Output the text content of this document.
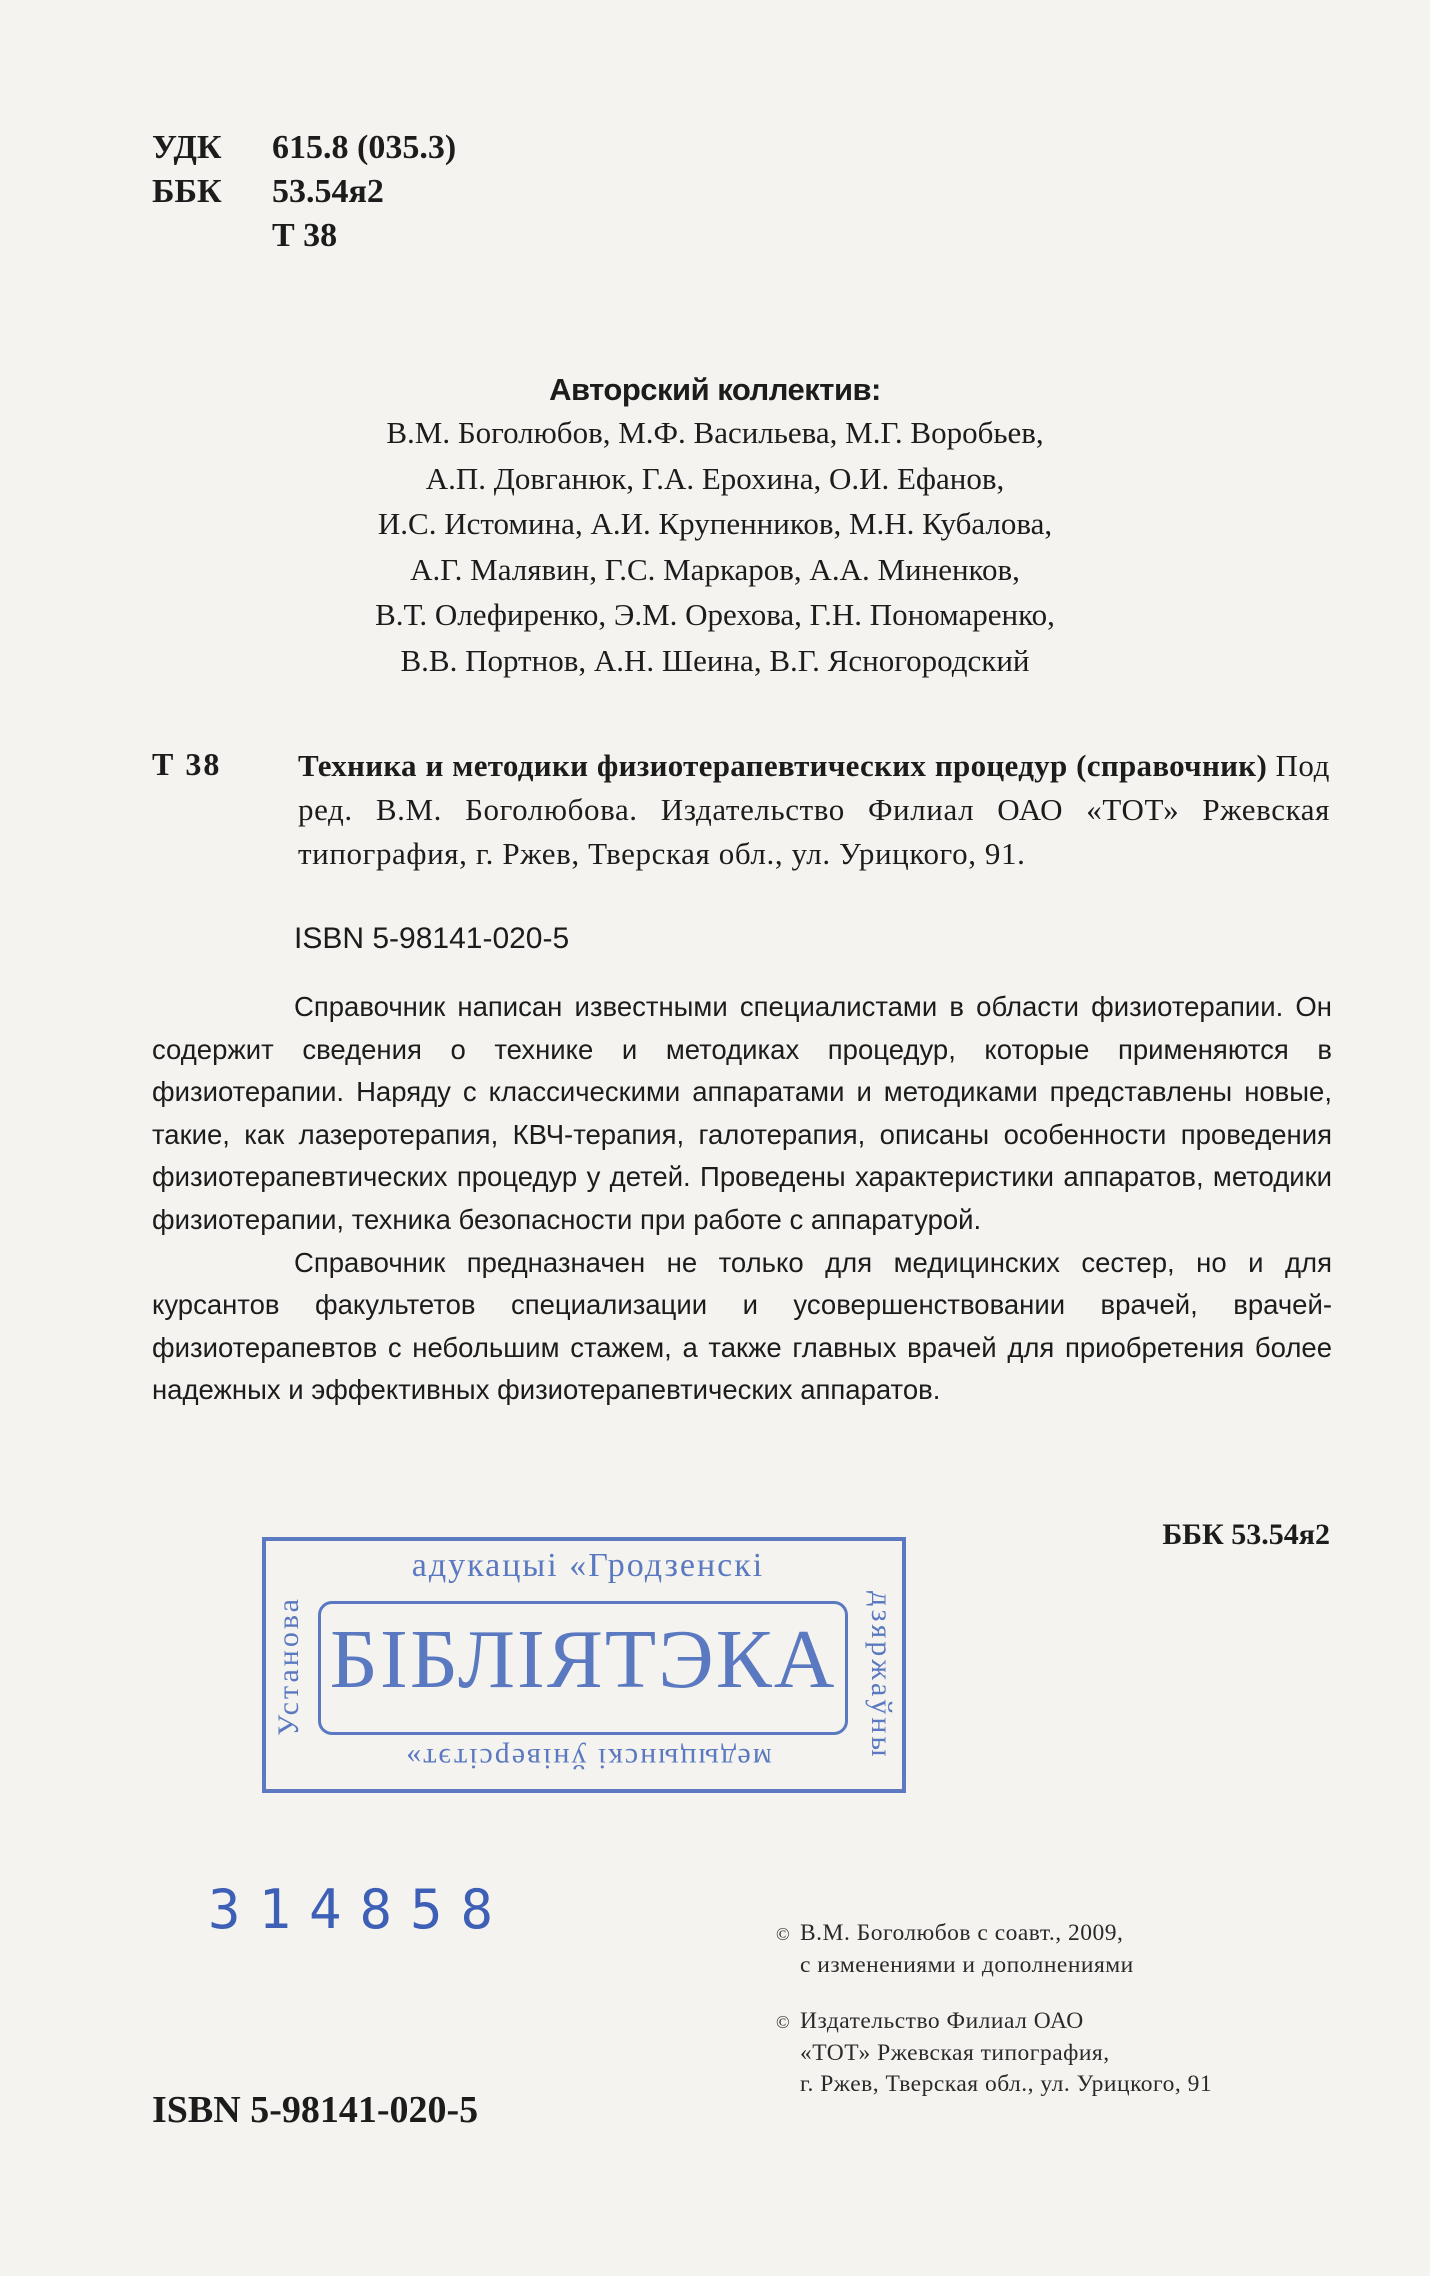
УДК 615.8 (035.3)
ББК 53.54я2
Т 38
Авторский коллектив:
В.М. Боголюбов, М.Ф. Васильева, М.Г. Воробьев,
А.П. Довганюк, Г.А. Ерохина, О.И. Ефанов,
И.С. Истомина, А.И. Крупенников, М.Н. Кубалова,
А.Г. Малявин, Г.С. Маркаров, А.А. Миненков,
В.Т. Олефиренко, Э.М. Орехова, Г.Н. Пономаренко,
В.В. Портнов, А.Н. Шеина, В.Г. Ясногородский
Т 38 Техника и методики физиотерапевтических процедур (справочник) Под ред. В.М. Боголюбова. Издательство Филиал ОАО «ТОТ» Ржевская типография, г. Ржев, Тверская обл., ул. Урицкого, 91.
ISBN 5-98141-020-5

Справочник написан известными специалистами в области физиотерапии. Он содержит сведения о технике и методиках процедур, которые применяются в физиотерапии. Наряду с классическими аппаратами и методиками представлены новые, такие, как лазеротерапия, КВЧ-терапия, галотерапия, описаны особенности проведения физиотерапевтических процедур у детей. Проведены характеристики аппаратов, методики физиотерапии, техника безопасности при работе с аппаратурой.

Справочник предназначен не только для медицинских сестер, но и для курсантов факультетов специализации и усовершенствовании врачей, врачей-физиотерапевтов с небольшим стажем, а также главных врачей для приобретения более надежных и эффективных физиотерапевтических аппаратов.

ББК 53.54я2
адукацыі «Гродзенскі
БІБЛІЯТЭКА
медыцынскі ўніверсітэт»
Установа	дзяржаўны
314858	© В.М. Боголюбов с соавт., 2009,
с изменениями и дополнениями
© Издательство Филиал ОАО
«ТОТ» Ржевская типография,
г. Ржев, Тверская обл., ул. Урицкого, 91
ISBN 5-98141-020-5
